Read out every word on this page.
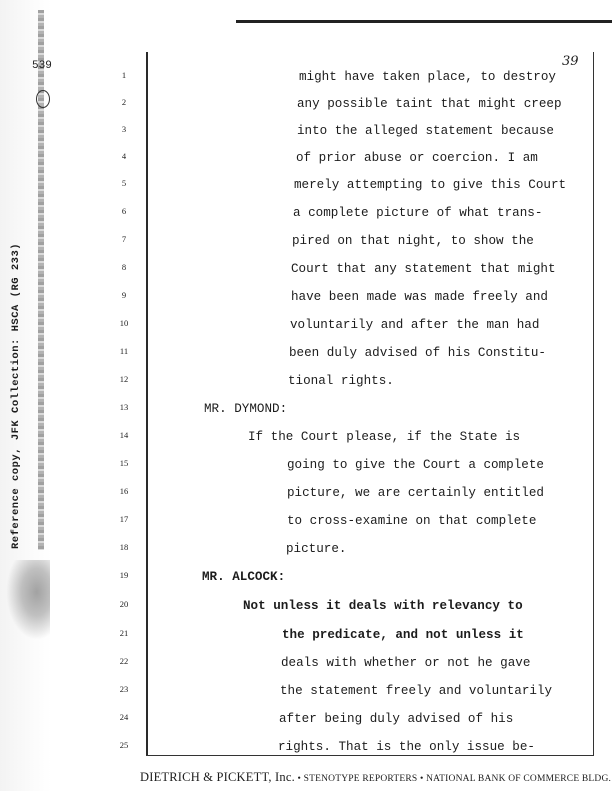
539
Reference copy, JFK Collection: HSCA (RG 233)
39
1	might have taken place, to destroy
2	any possible taint that might creep
3	into the alleged statement because
4	of prior abuse or coercion. I am
5	merely attempting to give this Court
6	a complete picture of what trans-
7	pired on that night, to show the
8	Court that any statement that might
9	have been made was made freely and
10	voluntarily and after the man had
11	been duly advised of his Constitu-
12	tional rights.
13	MR. DYMOND:
14	If the Court please, if the State is
15	going to give the Court a complete
16	picture, we are certainly entitled
17	to cross-examine on that complete
18	picture.
19	MR. ALCOCK:
20	Not unless it deals with relevancy to
21	the predicate, and not unless it
22	deals with whether or not he gave
23	the statement freely and voluntarily
24	after being duly advised of his
25	rights. That is the only issue be-
DIETRICH & PICKETT, Inc. • STENOTYPE REPORTERS • NATIONAL BANK OF COMMERCE BLDG.
